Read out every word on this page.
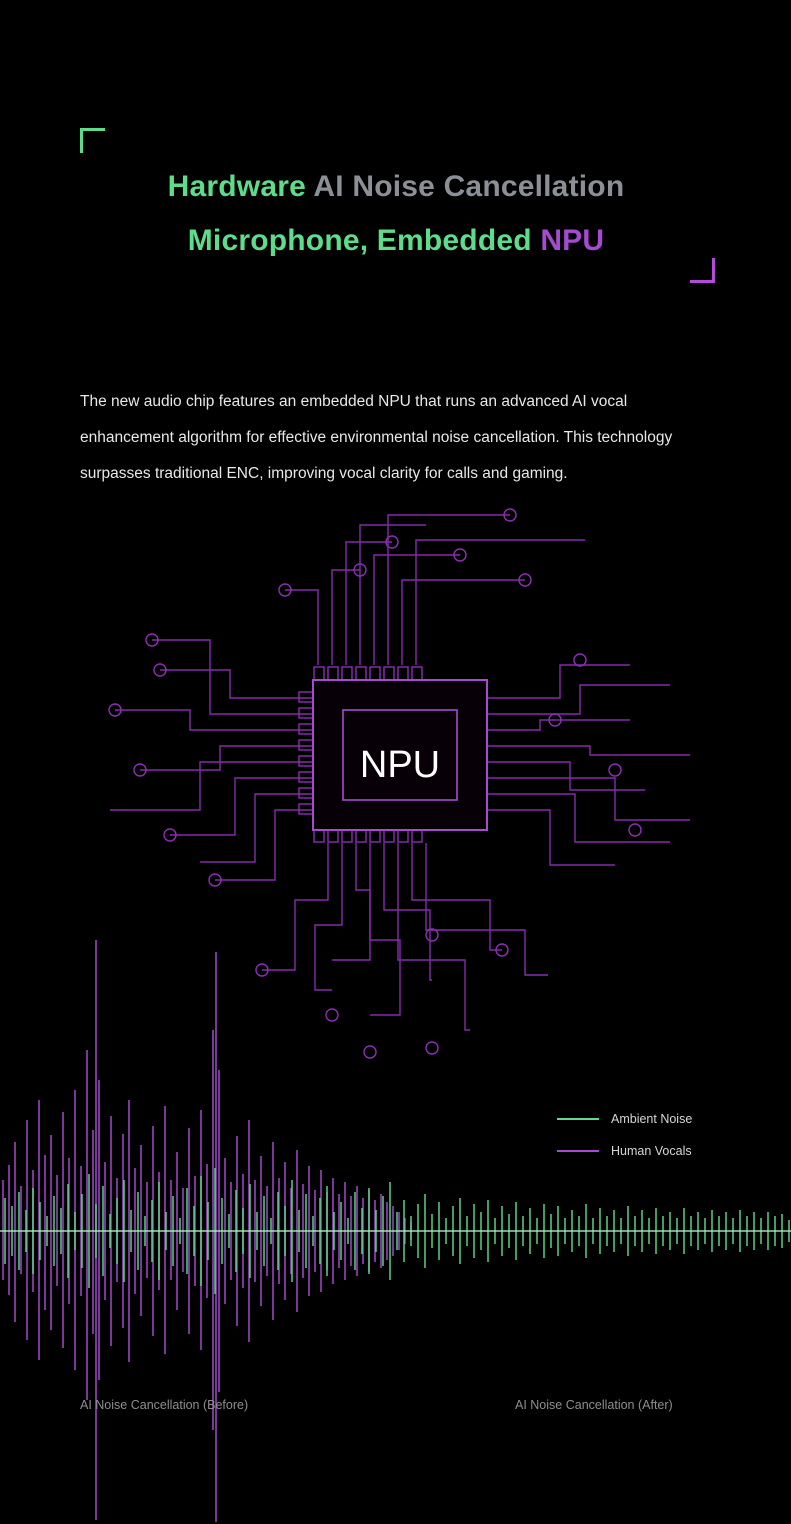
Hardware AI Noise Cancellation
Microphone, Embedded NPU

The new audio chip features an embedded NPU that runs an advanced AI vocal enhancement algorithm for effective environmental noise cancellation. This technology surpasses traditional ENC, improving vocal clarity for calls and gaming.

NPU
Ambient Noise
Human Vocals
AI Noise Cancellation (Before)	AI Noise Cancellation (After)
